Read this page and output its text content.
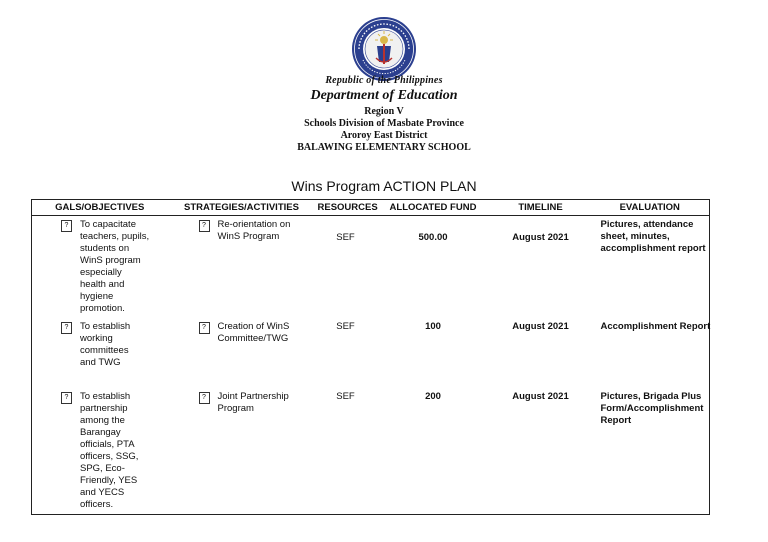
Republic of the Philippines
Department of Education
Region V
Schools Division of Masbate Province
Aroroy East District
BALAWING ELEMENTARY SCHOOL
Wins Program ACTION PLAN
GALS/OBJECTIVES	STRATEGIES/ACTIVITIES	RESOURCES	ALLOCATED FUND	TIMELINE	EVALUATION

? To capacitate teachers, pupils, students on WinS program especially health and hygiene promotion.	? Re-orientation on WinS Program	SEF	500.00	August 2021	Pictures, attendance sheet, minutes, accomplishment report

? To establish working committees and TWG	? Creation of WinS Committee/TWG	SEF	100	August 2021	Accomplishment Report

? To establish partnership among the Barangay officials, PTA officers, SSG, SPG, Eco-Friendly, YES and YECS officers.	? Joint Partnership Program	SEF	200	August 2021	Pictures, Brigada Plus Form/Accomplishment Report
